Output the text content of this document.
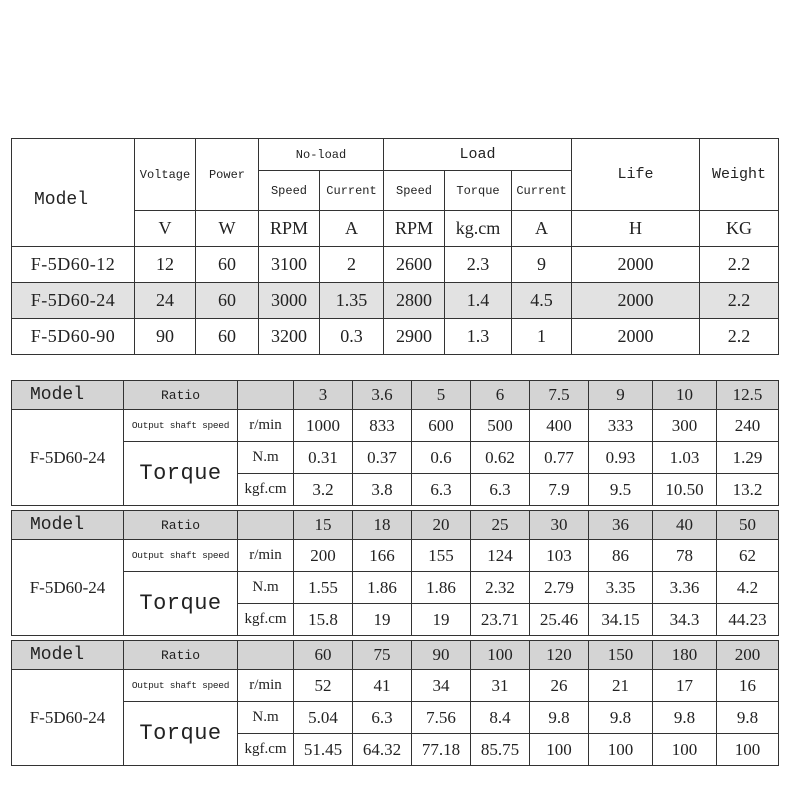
Model	Voltage	Power	No-load		Load			Life	Weight
			Speed	Current	Speed	Torque	Current		
	V	W	RPM	A	RPM	kg.cm	A	H	KG
F-5D60-12	12	60	3100	2	2600	2.3	9	2000	2.2
F-5D60-24	24	60	3000	1.35	2800	1.4	4.5	2000	2.2
F-5D60-90	90	60	3200	0.3	2900	1.3	1	2000	2.2
Model	Ratio		3	3.6	5	6	7.5	9	10	12.5
F-5D60-24	Output shaft speed	r/min	1000	833	600	500	400	333	300	240
	Torque	N.m	0.31	0.37	0.6	0.62	0.77	0.93	1.03	1.29
		kgf.cm	3.2	3.8	6.3	6.3	7.9	9.5	10.50	13.2

Model	Ratio		15	18	20	25	30	36	40	50
F-5D60-24	Output shaft speed	r/min	200	166	155	124	103	86	78	62
	Torque	N.m	1.55	1.86	1.86	2.32	2.79	3.35	3.36	4.2
		kgf.cm	15.8	19	19	23.71	25.46	34.15	34.3	44.23

Model	Ratio		60	75	90	100	120	150	180	200
F-5D60-24	Output shaft speed	r/min	52	41	34	31	26	21	17	16
	Torque	N.m	5.04	6.3	7.56	8.4	9.8	9.8	9.8	9.8
		kgf.cm	51.45	64.32	77.18	85.75	100	100	100	100
